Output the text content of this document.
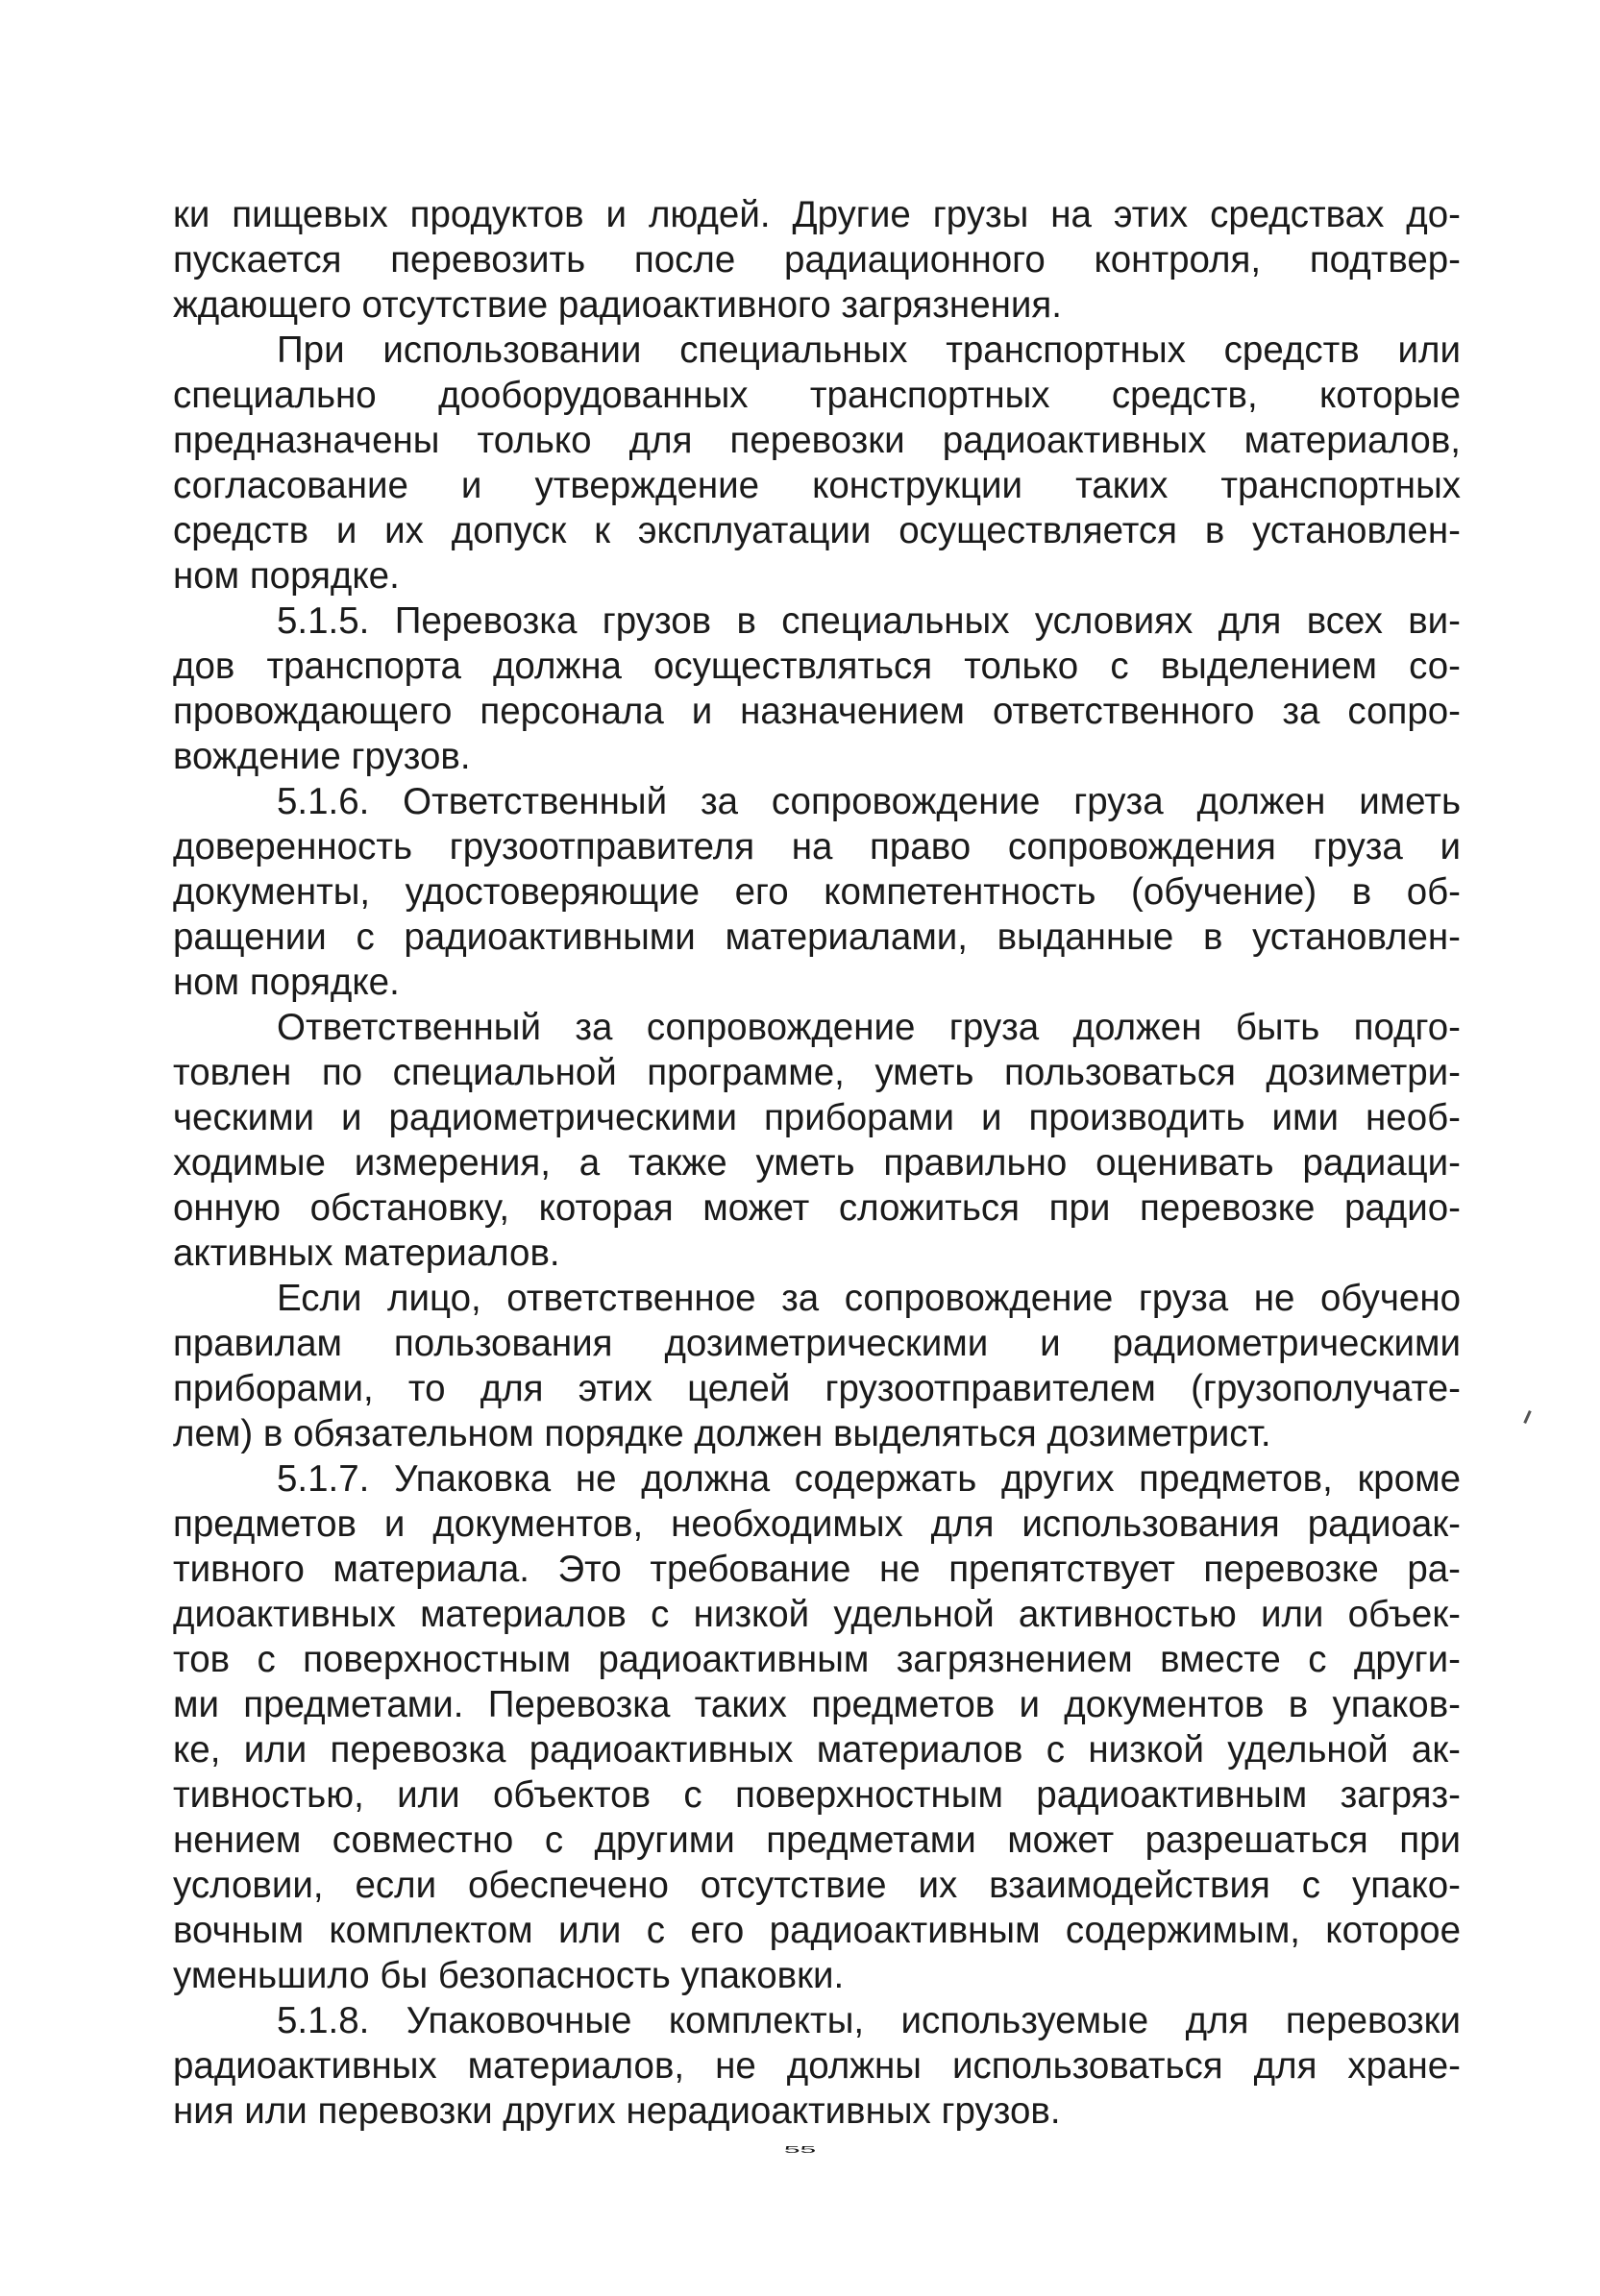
ки пищевых продуктов и людей. Другие грузы на этих средствах до-
пускается перевозить после радиационного контроля, подтвер-
ждающего отсутствие радиоактивного загрязнения.
При использовании специальных транспортных средств или
специально дооборудованных транспортных средств, которые
предназначены только для перевозки радиоактивных материалов,
согласование и утверждение конструкции таких транспортных
средств и их допуск к эксплуатации осуществляется в установлен-
ном порядке.
5.1.5. Перевозка грузов в специальных условиях для всех ви-
дов транспорта должна осуществляться только с выделением со-
провождающего персонала и назначением ответственного за сопро-
вождение грузов.
5.1.6. Ответственный за сопровождение груза должен иметь
доверенность грузоотправителя на право сопровождения груза и
документы, удостоверяющие его компетентность (обучение) в об-
ращении с радиоактивными материалами, выданные в установлен-
ном порядке.
Ответственный за сопровождение груза должен быть подго-
товлен по специальной программе, уметь пользоваться дозиметри-
ческими и радиометрическими приборами и производить ими необ-
ходимые измерения, а также уметь правильно оценивать радиаци-
онную обстановку, которая может сложиться при перевозке радио-
активных материалов.
Если лицо, ответственное за сопровождение груза не обучено
правилам пользования дозиметрическими и радиометрическими
приборами, то для этих целей грузоотправителем (грузополучате-
лем) в обязательном порядке должен выделяться дозиметрист.
5.1.7. Упаковка не должна содержать других предметов, кроме
предметов и документов, необходимых для использования радиоак-
тивного материала. Это требование не препятствует перевозке ра-
диоактивных материалов с низкой удельной активностью или объек-
тов с поверхностным радиоактивным загрязнением вместе с други-
ми предметами. Перевозка таких предметов и документов в упаков-
ке, или перевозка радиоактивных материалов с низкой удельной ак-
тивностью, или объектов с поверхностным радиоактивным загряз-
нением совместно с другими предметами может разрешаться при
условии, если обеспечено отсутствие их взаимодействия с упако-
вочным комплектом или с его радиоактивным содержимым, которое
уменьшило бы безопасность упаковки.
5.1.8. Упаковочные комплекты, используемые для перевозки
радиоактивных материалов, не должны использоваться для хране-
ния или перевозки других нерадиоактивных грузов.
55
